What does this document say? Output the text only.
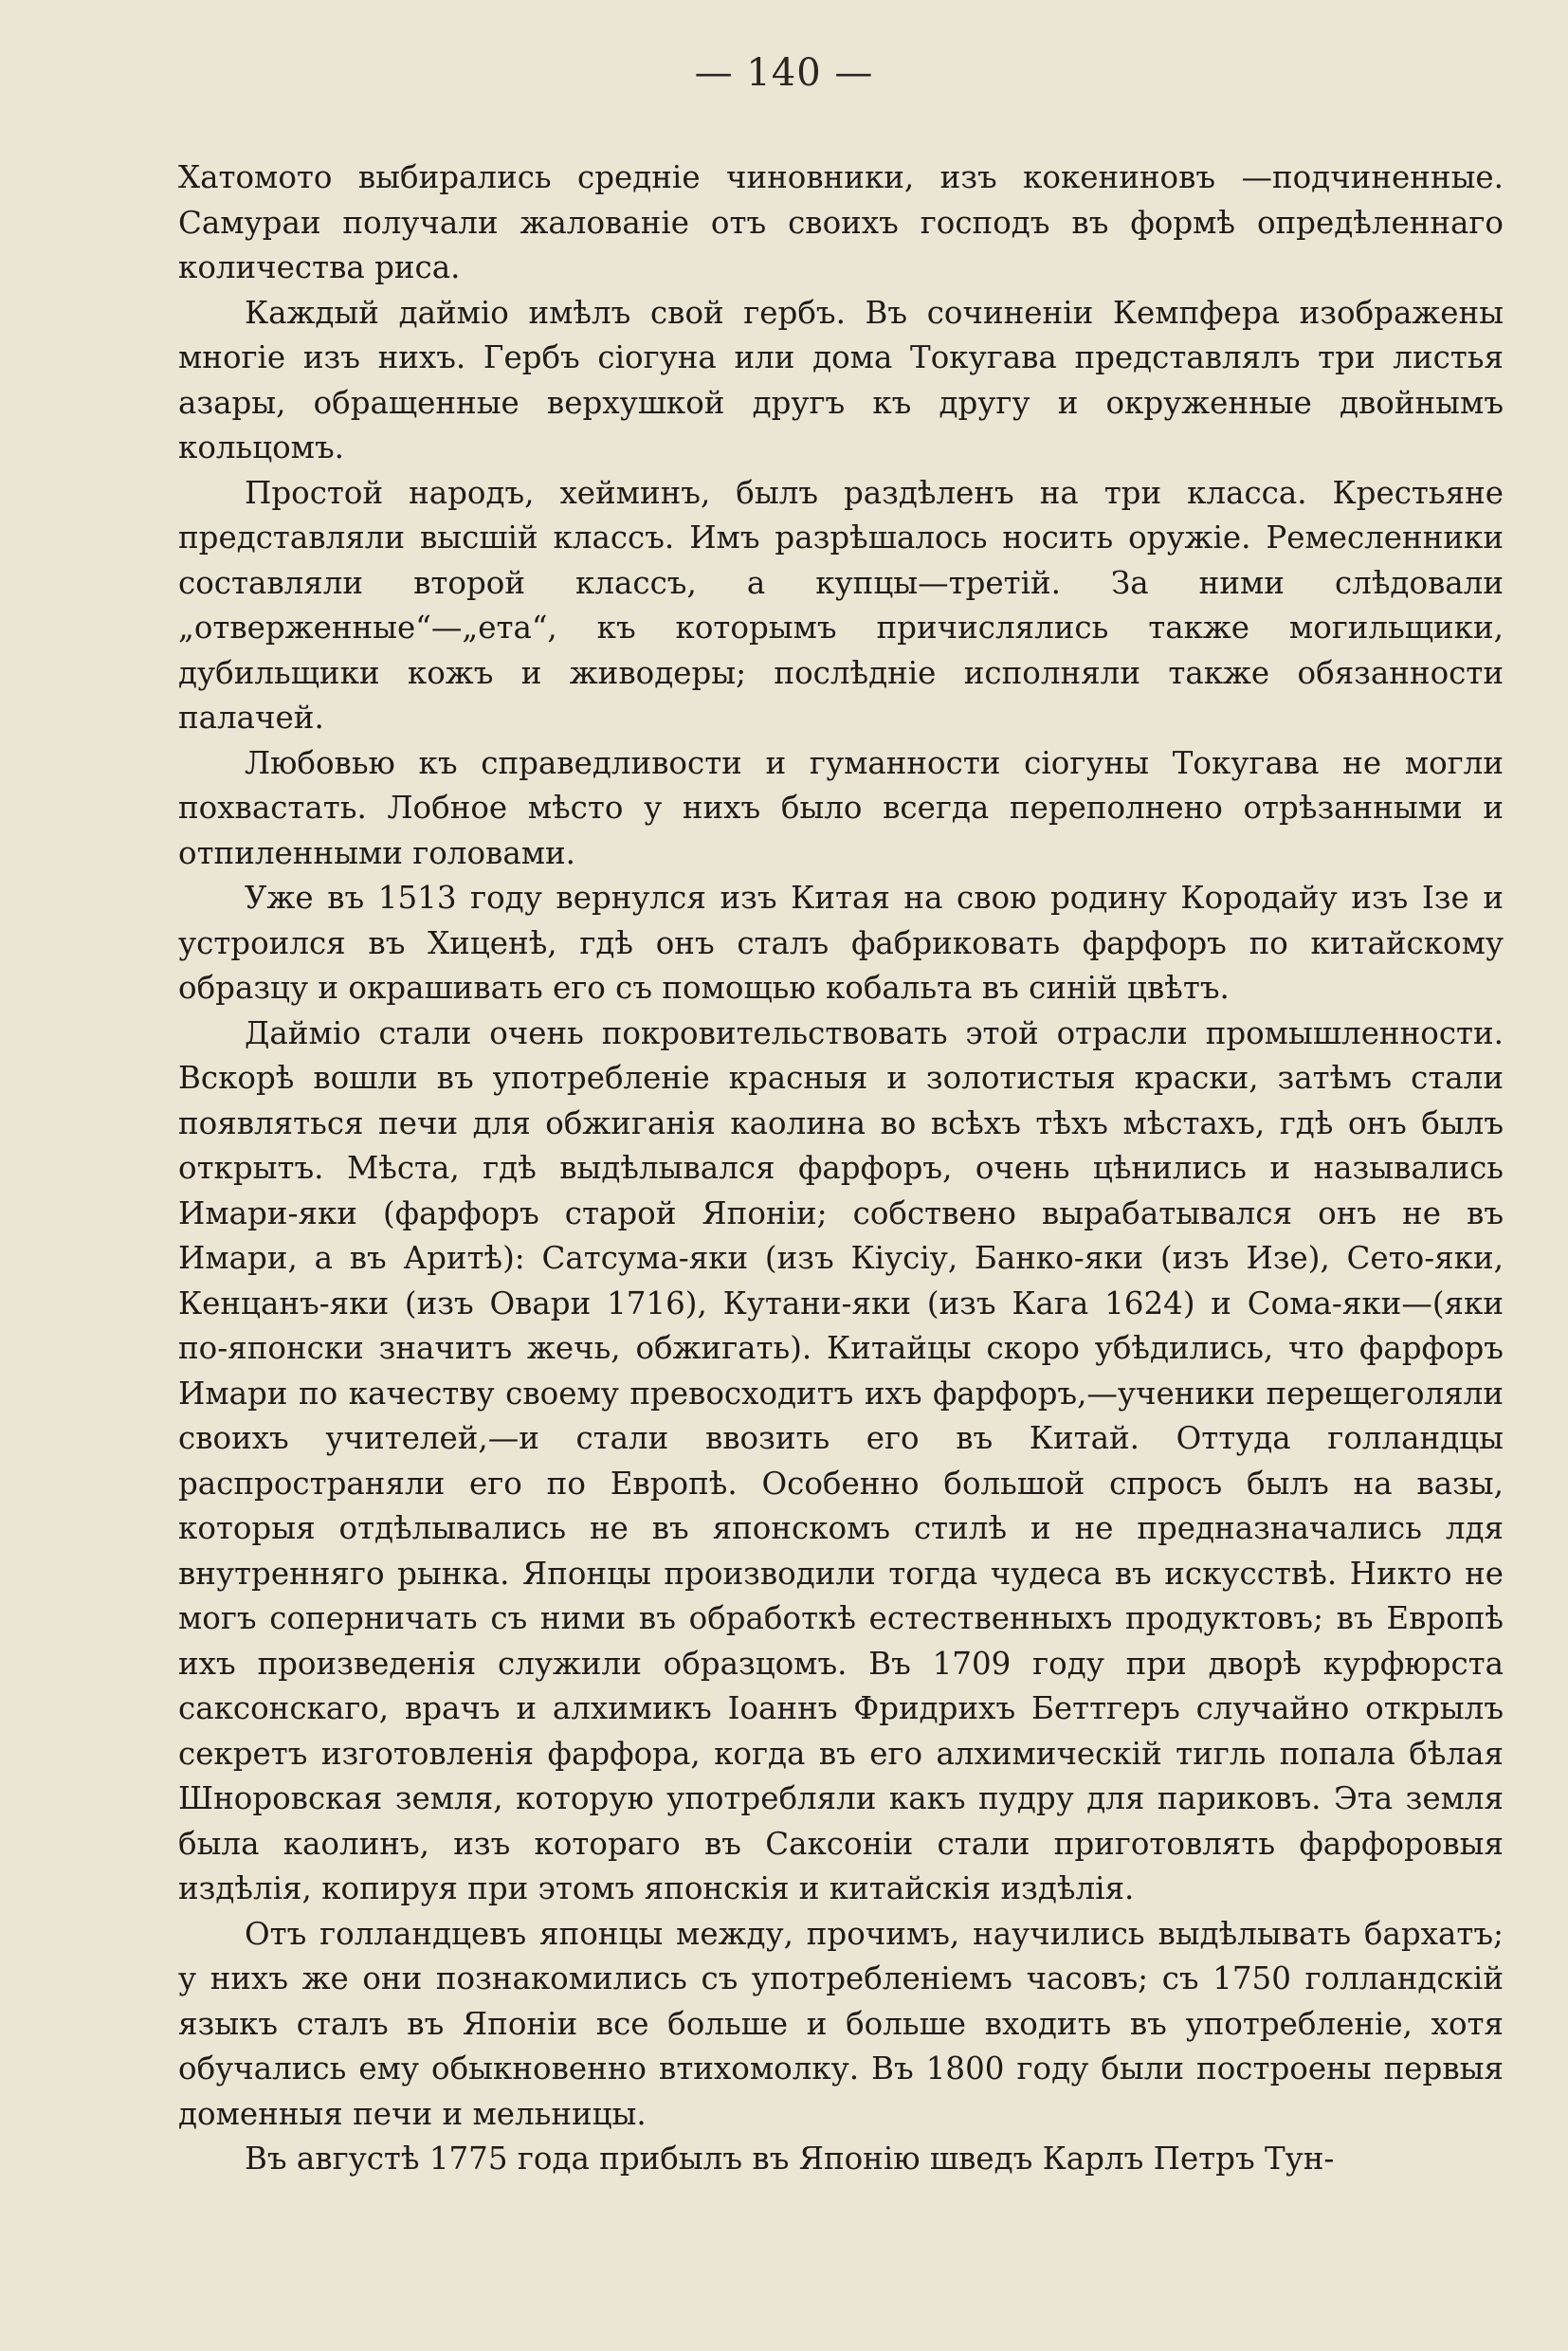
— 140 —

Хатомото выбирались среднiе чиновники, изъ кокениновъ —подчиненные. Самураи получали жалованiе отъ своихъ господъ въ формѣ опредѣленнаго количества риса.

Каждый даймiо имѣлъ свой гербъ. Въ сочиненiи Кемпфера изображены многiе изъ нихъ. Гербъ сiогуна или дома Токугава представлялъ три листья азары, обращенные верхушкой другъ къ другу и окруженные двойнымъ кольцомъ.

Простой народъ, хейминъ, былъ раздѣленъ на три класса. Крестьяне представляли высшiй классъ. Имъ разрѣшалось носить оружiе. Ремесленники составляли второй классъ, а купцы—третiй. За ними слѣдовали „отверженные“—„ета“, къ которымъ причислялись также могильщики, дубильщики кожъ и живодеры; послѣднiе исполняли также обязанности палачей.

Любовью къ справедливости и гуманности сiогуны Токугава не могли похвастать. Лобное мѣсто у нихъ было всегда переполнено отрѣзанными и отпиленными головами.

Уже въ 1513 году вернулся изъ Китая на свою родину Кородайу изъ Iзе и устроился въ Хиценѣ, гдѣ онъ сталъ фабриковать фарфоръ по китайскому образцу и окрашивать его съ помощью кобальта въ синiй цвѣтъ.

Даймiо стали очень покровительствовать этой отрасли промышленности. Вскорѣ вошли въ употребленiе красныя и золотистыя краски, затѣмъ стали появляться печи для обжиганiя каолина во всѣхъ тѣхъ мѣстахъ, гдѣ онъ былъ открытъ. Мѣста, гдѣ выдѣлывался фарфоръ, очень цѣнились и назывались Имари-яки (фарфоръ старой Японiи; собствено вырабатывался онъ не въ Имари, а въ Аритѣ): Сатсума-яки (изъ Кiусiу, Банко-яки (изъ Изе), Сето-яки, Кенцанъ-яки (изъ Овари 1716), Кутани-яки (изъ Кага 1624) и Сома-яки—(яки по-японски значитъ жечь, обжигать). Китайцы скоро убѣдились, что фарфоръ Имари по качеству своему превосходитъ ихъ фарфоръ,—ученики перещеголяли своихъ учителей,—и стали ввозить его въ Китай. Оттуда голландцы распространяли его по Европѣ. Особенно большой спросъ былъ на вазы, которыя отдѣлывались не въ японскомъ стилѣ и не предназначались лдя внутренняго рынка. Японцы производили тогда чудеса въ искусствѣ. Никто не могъ соперничать съ ними въ обработкѣ естественныхъ продуктовъ; въ Европѣ ихъ произведенiя служили образцомъ. Въ 1709 году при дворѣ курфюрста саксонскаго, врачъ и алхимикъ Iоаннъ Фридрихъ Беттгеръ случайно открылъ секретъ изготовленiя фарфора, когда въ его алхимическiй тигль попала бѣлая Шноровская земля, которую употребляли какъ пудру для париковъ. Эта земля была каолинъ, изъ котораго въ Саксонiи стали приготовлять фарфоровыя издѣлiя, копируя при этомъ японскiя и китайскiя издѣлiя.

Отъ голландцевъ японцы между, прочимъ, научились выдѣлывать бархатъ; у нихъ же они познакомились съ употребленiемъ часовъ; съ 1750 голландскiй языкъ сталъ въ Японiи все больше и больше входить въ употребленiе, хотя обучались ему обыкновенно втихомолку. Въ 1800 году были построены первыя доменныя печи и мельницы.

Въ августѣ 1775 года прибылъ въ Японiю шведъ Карлъ Петръ Тун-
